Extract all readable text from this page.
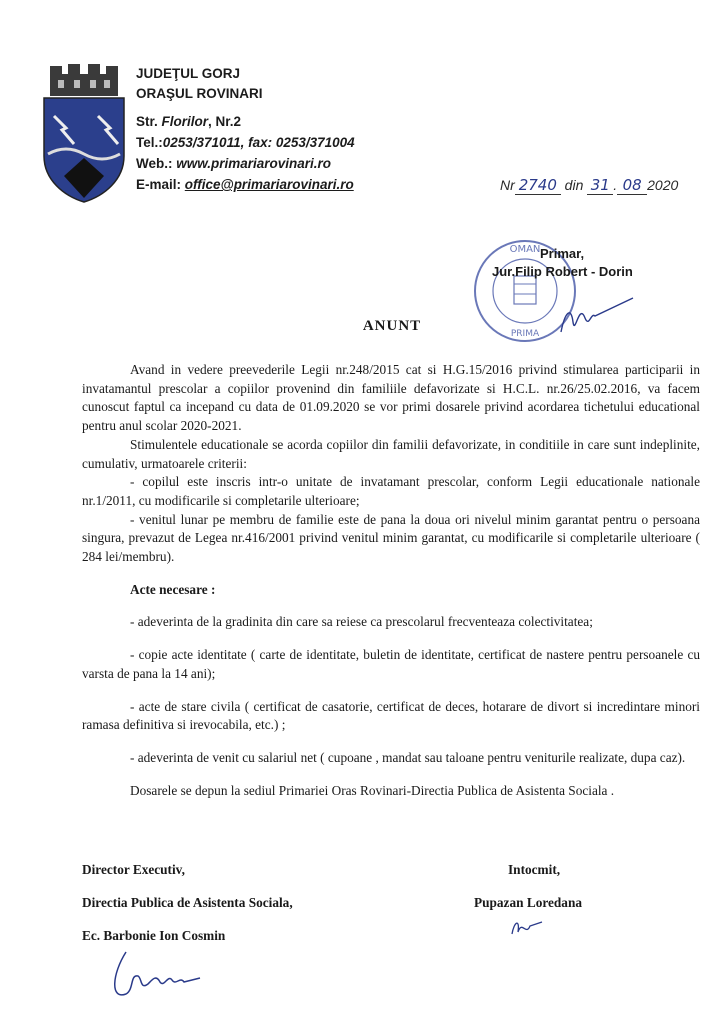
JUDEŢUL GORJ
ORAŞUL ROVINARI
Str. Florilor, Nr.2
Tel.:0253/371011, fax: 0253/371004
Web.: www.primariarovinari.ro
E-mail: office@primariarovinari.ro	Nr 2740 din 31 . 08 2020
OMAN
PRIMA
Primar,
Jur.Filip Robert - Dorin
ANUNT

Avand in vedere preevederile Legii nr.248/2015 cat si H.G.15/2016 privind stimularea participarii in invatamantul prescolar a copiilor provenind din familiile defavorizate si H.C.L. nr.26/25.02.2016, va facem cunoscut faptul ca incepand cu data de 01.09.2020 se vor primi dosarele privind acordarea tichetului educational pentru anul scolar 2020-2021.

Stimulentele educationale se acorda copiilor din familii defavorizate, in conditiile in care sunt indeplinite, cumulativ, urmatoarele criterii:

- copilul este inscris intr-o unitate de invatamant prescolar, conform Legii educationale nationale nr.1/2011, cu modificarile si completarile ulterioare;

- venitul lunar pe membru de familie este de pana la doua ori nivelul minim garantat pentru o persoana singura, prevazut de Legea nr.416/2001 privind venitul minim garantat, cu modificarile si completarile ulterioare ( 284 lei/membru).

Acte necesare :

- adeverinta de la gradinita din care sa reiese ca prescolarul frecventeaza colectivitatea;

- copie acte identitate ( carte de identitate, buletin de identitate, certificat de nastere pentru persoanele cu varsta de pana la 14 ani);

- acte de stare civila ( certificat de casatorie, certificat de deces, hotarare de divort si incredintare minori ramasa definitiva si irevocabila, etc.) ;

- adeverinta de venit cu salariul net ( cupoane , mandat sau taloane pentru veniturile realizate, dupa caz).

Dosarele se depun la sediul Primariei Oras Rovinari-Directia Publica de Asistenta Sociala .

Director Executiv,
Directia Publica de Asistenta Sociala,
Ec. Barbonie Ion Cosmin
Intocmit,
Pupazan Loredana
